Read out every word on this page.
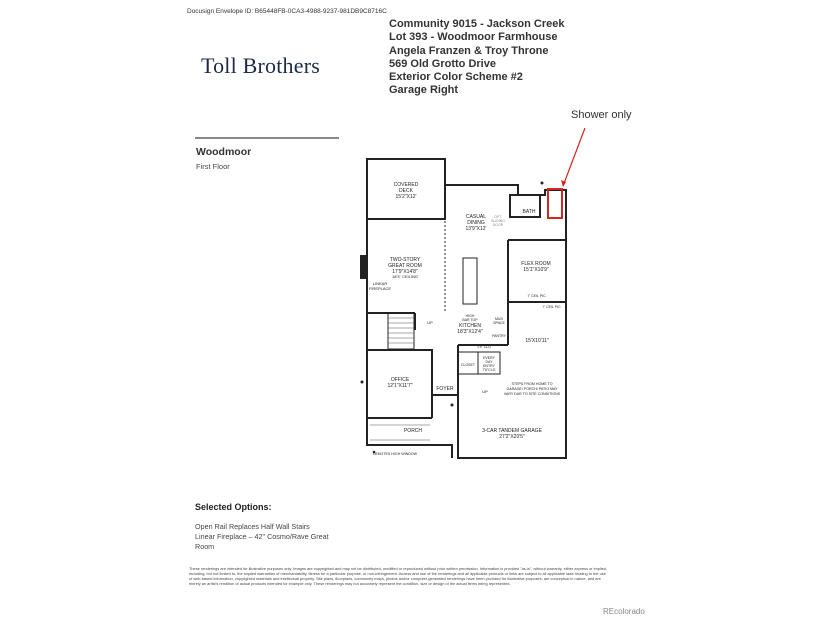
Docusign Envelope ID: B65448FB-0CA3-4988-9237-981DB9C8716C
Toll Brothers
Community 9015 - Jackson Creek
Lot 393 - Woodmoor Farmhouse
Angela Franzen & Troy Throne
569 Old Grotto Drive
Exterior Color Scheme #2
Garage Right
Woodmoor
First Floor
Shower only
COVERED
DECK
15'2"X12'
TWO-STORY
GREAT ROOM
17'9"X14'8"
18'3" CEILING
LINEAR
FIREPLACE
CASUAL
DINING
13'9"X12'
OPT.
SLIDING
DOOR
BATH
FLEX ROOM
15'1"X10'9"
7' CEIL PIC.
7' CEIL PIC.
HIGH
BAR TOP
KITCHEN
18'3"X12'4"
MUD
SPACE
PANTRY
1'9" CLG
CLOSET
EVERY
DAY
ENTRY
7'6"CLG
15'X10'11"
STEPS FROM HOME TO
GARAGE/ PORCH/ PATIO MAY
VARY DUE TO SITE CONDITIONS
OFFICE
12'1"X11'7"	FOYER
PORCH	3-CAR TANDEM GARAGE
27'2"X20'5"
UP
UP
DENOTES HIGH WINDOW
Selected Options:
Open Rail Replaces Half Wall Stairs
Linear Fireplace – 42" Cosmo/Rave Great
Room
These renderings are intended for illustrative purposes only. Images are copyrighted and may not be distributed, modified or reproduced without prior written permission. Information is provided "as-is", without warranty, either express or implied, including, but not limited to, the implied warranties of merchantability, fitness for a particular purpose, or non-infringement. Access and use of the renderings and all applicable products or links are subject to all applicable laws relating to the use of web-based information, copyrighted materials and intellectual property. Site plans, floorplans, community maps, photos and/or computer-generated renderings have been provided for illustrative purposes, are conceptual in nature, and are merely an artist's rendition of actual products intended for example only. These renderings may not accurately represent the condition, size or design of the actual items being represented.
REcolorado
